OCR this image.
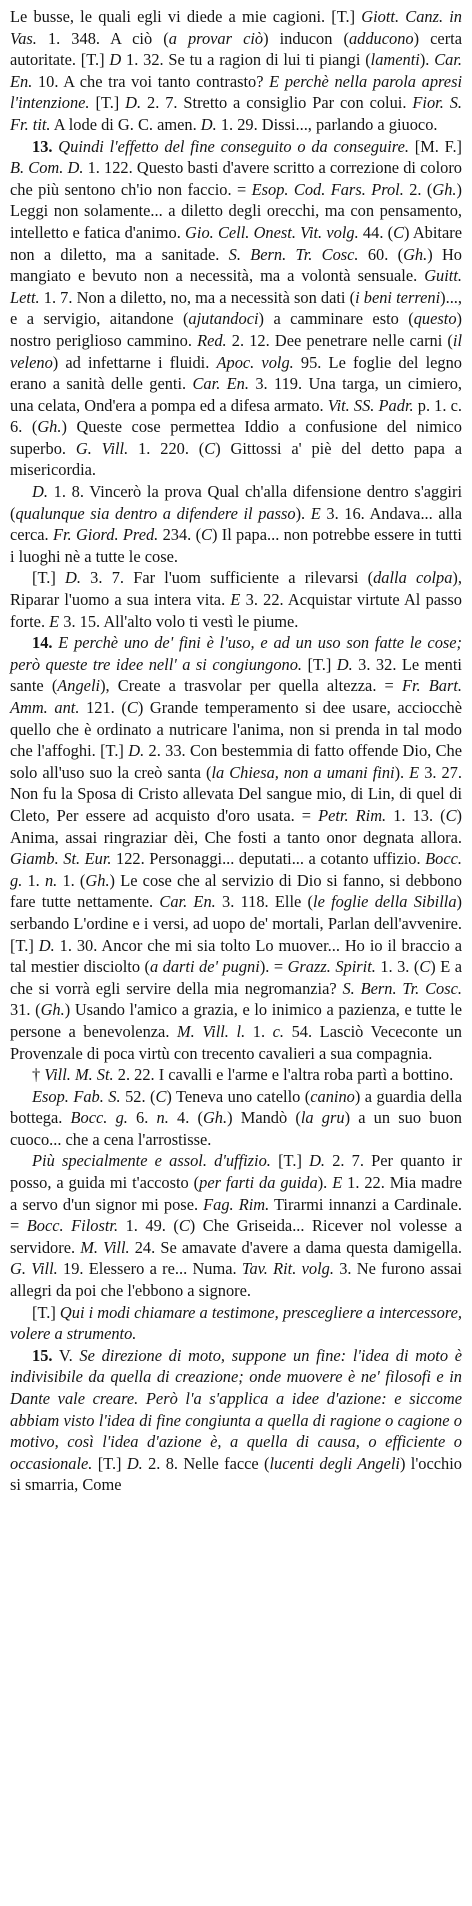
Le busse, le quali egli vi diede a mie cagioni. [T.] Giott. Canz. in Vas. 1. 348. A ciò (a provar ciò) inducon (adducono) certa autoritate. [T.] D 1. 32. Se tu a ragion di lui ti piangi (lamenti). Car. En. 10. A che tra voi tanto contrasto? E perchè nella parola apresi l'intenzione. [T.] D. 2. 7. Stretto a consiglio Par con colui. Fior. S. Fr. tit. A lode di G. C. amen. D. 1. 29. Dissi..., parlando a giuoco.

13. Quindi l'effetto del fine conseguito o da conseguire. [M. F.] B. Com. D. 1. 122. Questo basti d'avere scritto a correzione di coloro che più sentono ch'io non faccio. = Esop. Cod. Fars. Prol. 2. (Gh.) Leggi non solamente... a diletto degli orecchi, ma con pensamento, intelletto e fatica d'animo. Gio. Cell. Onest. Vit. volg. 44. (C) Abitare non a diletto, ma a sanitade. S. Bern. Tr. Cosc. 60. (Gh.) Ho mangiato e bevuto non a necessità, ma a volontà sensuale. Guitt. Lett. 1. 7. Non a diletto, no, ma a necessità son dati (i beni terreni)..., e a servigio, aitandone (ajutandoci) a camminare esto (questo) nostro periglioso cammino. Red. 2. 12. Dee penetrare nelle carni (il veleno) ad infettarne i fluidi. Apoc. volg. 95. Le foglie del legno erano a sanità delle genti. Car. En. 3. 119. Una targa, un cimiero, una celata, Ond'era a pompa ed a difesa armato. Vit. SS. Padr. p. 1. c. 6. (Gh.) Queste cose permettea Iddio a confusione del nimico superbo. G. Vill. 1. 220. (C) Gittossi a' piè del detto papa a misericordia.

D. 1. 8. Vincerò la prova Qual ch'alla difensione dentro s'aggiri (qualunque sia dentro a difendere il passo). E 3. 16. Andava... alla cerca. Fr. Giord. Pred. 234. (C) Il papa... non potrebbe essere in tutti i luoghi nè a tutte le cose.

[T.] D. 3. 7. Far l'uom sufficiente a rilevarsi (dalla colpa), Riparar l'uomo a sua intera vita. E 3. 22. Acquistar virtute Al passo forte. E 3. 15. All'alto volo ti vestì le piume.

14. E perchè uno de' fini è l'uso, e ad un uso son fatte le cose; però queste tre idee nell' a si congiungono. [T.] D. 3. 32. Le menti sante (Angeli), Create a trasvolar per quella altezza. = Fr. Bart. Amm. ant. 121. (C) Grande temperamento si dee usare, acciocchè quello che è ordinato a nutricare l'anima, non si prenda in tal modo che l'affoghi. [T.] D. 2. 33. Con bestemmia di fatto offende Dio, Che solo all'uso suo la creò santa (la Chiesa, non a umani fini). E 3. 27. Non fu la Sposa di Cristo allevata Del sangue mio, di Lin, di quel di Cleto, Per essere ad acquisto d'oro usata. = Petr. Rim. 1. 13. (C) Anima, assai ringraziar dèi, Che fosti a tanto onor degnata allora. Giamb. St. Eur. 122. Personaggi... deputati... a cotanto uffizio. Bocc. g. 1. n. 1. (Gh.) Le cose che al servizio di Dio si fanno, si debbono fare tutte nettamente. Car. En. 3. 118. Elle (le foglie della Sibilla) serbando L'ordine e i versi, ad uopo de' mortali, Parlan dell'avvenire. [T.] D. 1. 30. Ancor che mi sia tolto Lo muover... Ho io il braccio a tal mestier disciolto (a darti de' pugni). = Grazz. Spirit. 1. 3. (C) E a che si vorrà egli servire della mia negromanzia? S. Bern. Tr. Cosc. 31. (Gh.) Usando l'amico a grazia, e lo inimico a pazienza, e tutte le persone a benevolenza. M. Vill. l. 1. c. 54. Lasciò Vececonte un Provenzale di poca virtù con trecento cavalieri a sua compagnia.

† Vill. M. St. 2. 22. I cavalli e l'arme e l'altra roba partì a bottino.

Esop. Fab. S. 52. (C) Teneva uno catello (canino) a guardia della bottega. Bocc. g. 6. n. 4. (Gh.) Mandò (la gru) a un suo buon cuoco... che a cena l'arrostisse.

Più specialmente e assol. d'uffizio. [T.] D. 2. 7. Per quanto ir posso, a guida mi t'accosto (per farti da guida). E 1. 22. Mia madre a servo d'un signor mi pose. Fag. Rim. Tirarmi innanzi a Cardinale. = Bocc. Filostr. 1. 49. (C) Che Griseida... Ricever nol volesse a servidore. M. Vill. 24. Se amavate d'avere a dama questa damigella. G. Vill. 19. Elessero a re... Numa. Tav. Rit. volg. 3. Ne furono assai allegri da poi che l'ebbono a signore.

[T.] Qui i modi chiamare a testimone, prescegliere a intercessore, volere a strumento.

15. V. Se direzione di moto, suppone un fine: l'idea di moto è indivisibile da quella di creazione; onde muovere è ne' filosofi e in Dante vale creare. Però l'a s'applica a idee d'azione: e siccome abbiam visto l'idea di fine congiunta a quella di ragione o cagione o motivo, così l'idea d'azione è, a quella di causa, o efficiente o occasionale. [T.] D. 2. 8. Nelle facce (lucenti degli Angeli) l'occhio si smarria, Come
